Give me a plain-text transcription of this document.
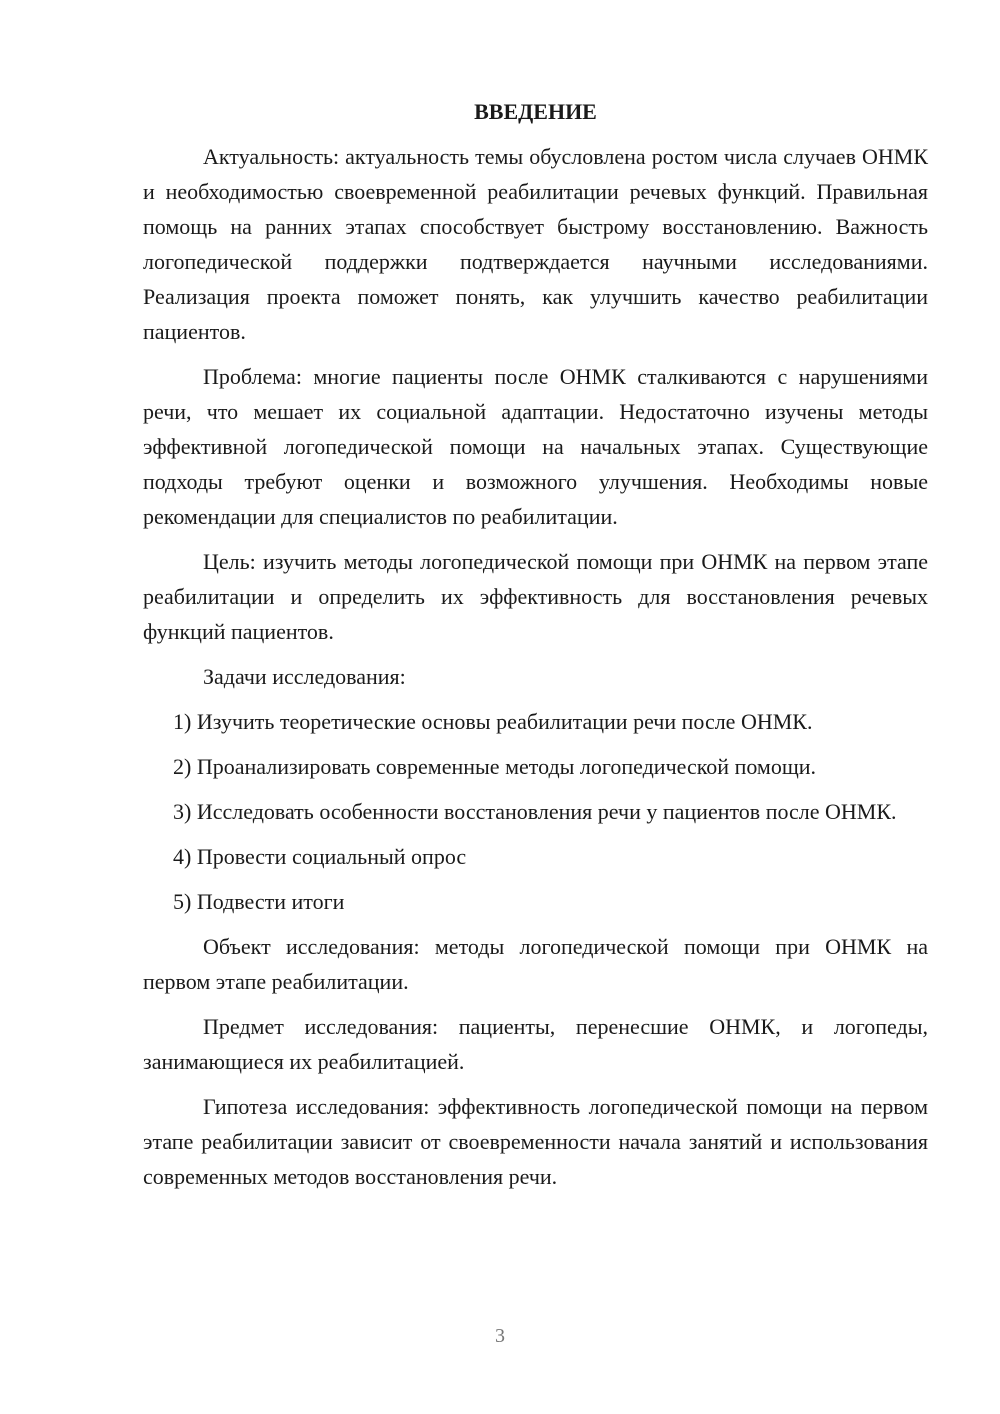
ВВЕДЕНИЕ

Актуальность: актуальность темы обусловлена ростом числа случаев ОНМК и необходимостью своевременной реабилитации речевых функций. Правильная помощь на ранних этапах способствует быстрому восстановлению. Важность логопедической поддержки подтверждается научными исследованиями. Реализация проекта поможет понять, как улучшить качество реабилитации пациентов.

Проблема: многие пациенты после ОНМК сталкиваются с нарушениями речи, что мешает их социальной адаптации. Недостаточно изучены методы эффективной логопедической помощи на начальных этапах. Существующие подходы требуют оценки и возможного улучшения. Необходимы новые рекомендации для специалистов по реабилитации.

Цель: изучить методы логопедической помощи при ОНМК на первом этапе реабилитации и определить их эффективность для восстановления речевых функций пациентов.

Задачи исследования:

1) Изучить теоретические основы реабилитации речи после ОНМК.

2) Проанализировать современные методы логопедической помощи.

3) Исследовать особенности восстановления речи у пациентов после ОНМК.

4) Провести социальный опрос

5) Подвести итоги

Объект исследования: методы логопедической помощи при ОНМК на первом этапе реабилитации.

Предмет исследования: пациенты, перенесшие ОНМК, и логопеды, занимающиеся их реабилитацией.

Гипотеза исследования: эффективность логопедической помощи на первом этапе реабилитации зависит от своевременности начала занятий и использования современных методов восстановления речи.

3
